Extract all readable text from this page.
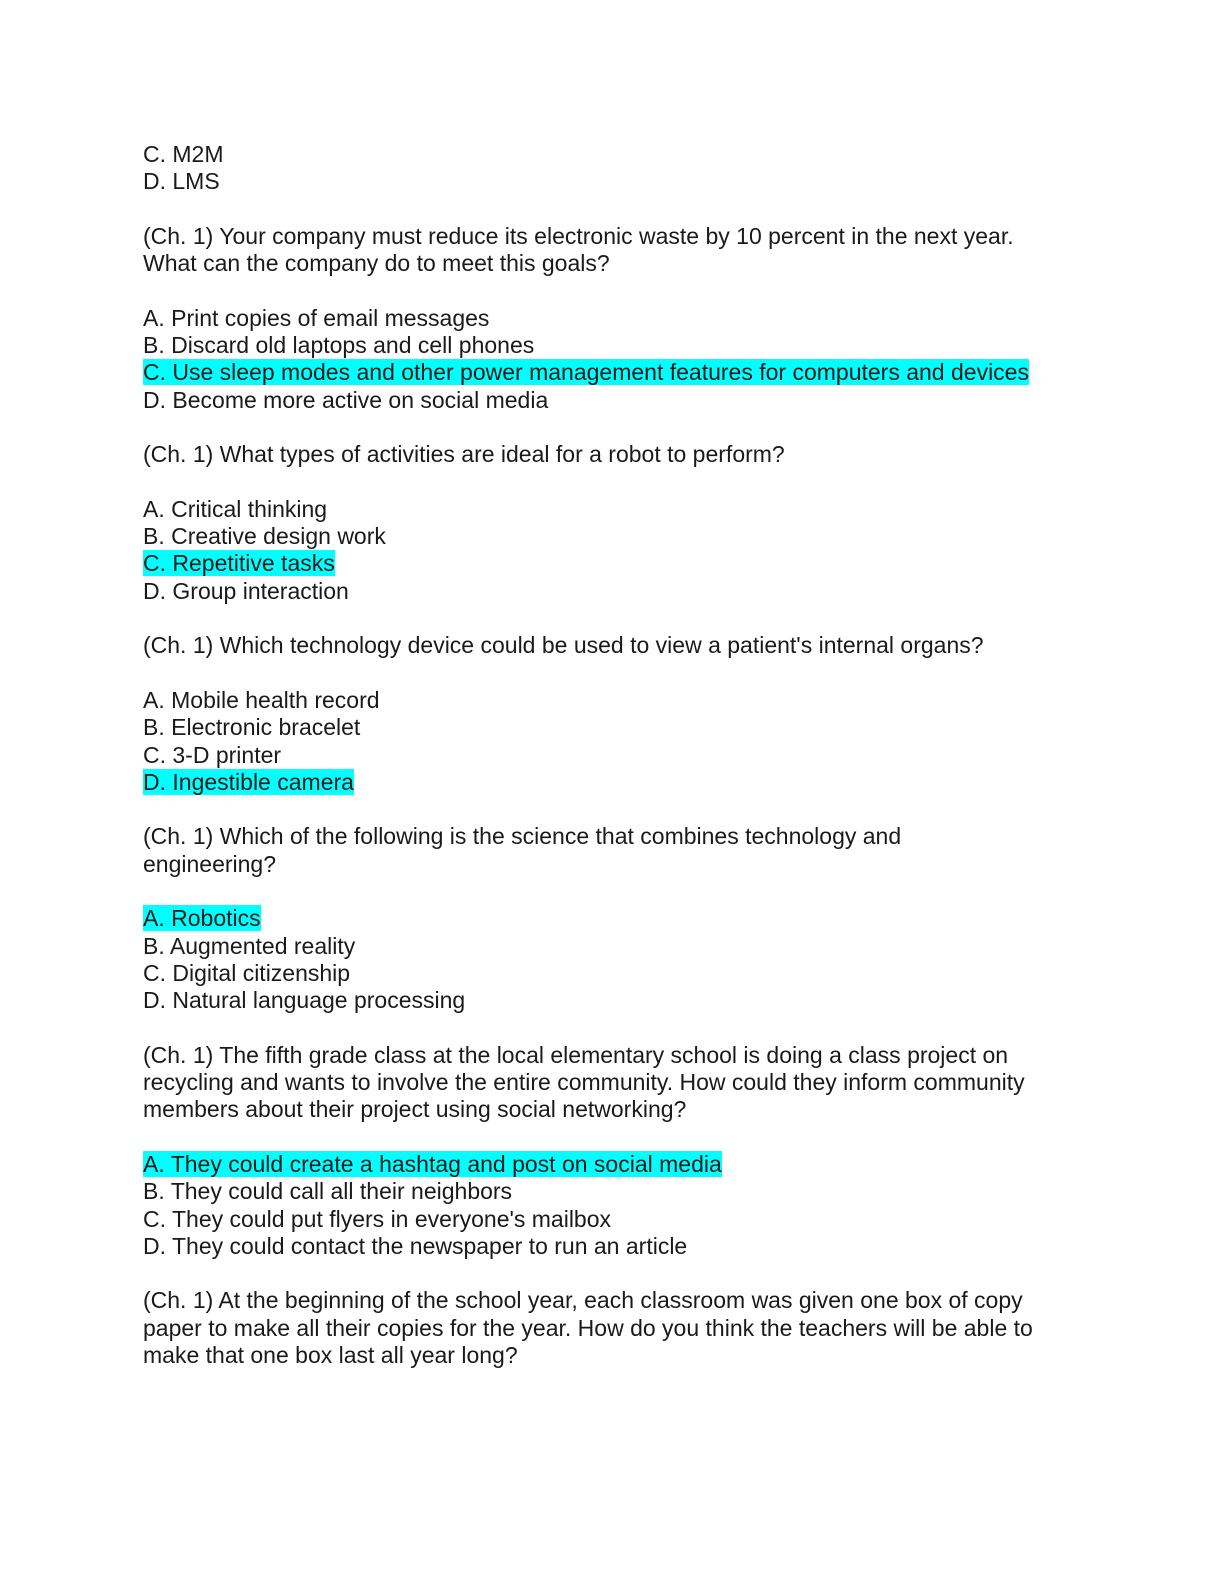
C. M2M
D. LMS
(Ch. 1) Your company must reduce its electronic waste by 10 percent in the next year.
What can the company do to meet this goals?
A. Print copies of email messages
B. Discard old laptops and cell phones
C. Use sleep modes and other power management features for computers and devices
D. Become more active on social media
(Ch. 1) What types of activities are ideal for a robot to perform?
A. Critical thinking
B. Creative design work
C. Repetitive tasks
D. Group interaction
(Ch. 1) Which technology device could be used to view a patient's internal organs?
A. Mobile health record
B. Electronic bracelet
C. 3-D printer
D. Ingestible camera
(Ch. 1) Which of the following is the science that combines technology and
engineering?
A. Robotics
B. Augmented reality
C. Digital citizenship
D. Natural language processing
(Ch. 1) The fifth grade class at the local elementary school is doing a class project on
recycling and wants to involve the entire community. How could they inform community
members about their project using social networking?
A. They could create a hashtag and post on social media
B. They could call all their neighbors
C. They could put flyers in everyone's mailbox
D. They could contact the newspaper to run an article
(Ch. 1) At the beginning of the school year, each classroom was given one box of copy
paper to make all their copies for the year. How do you think the teachers will be able to
make that one box last all year long?
